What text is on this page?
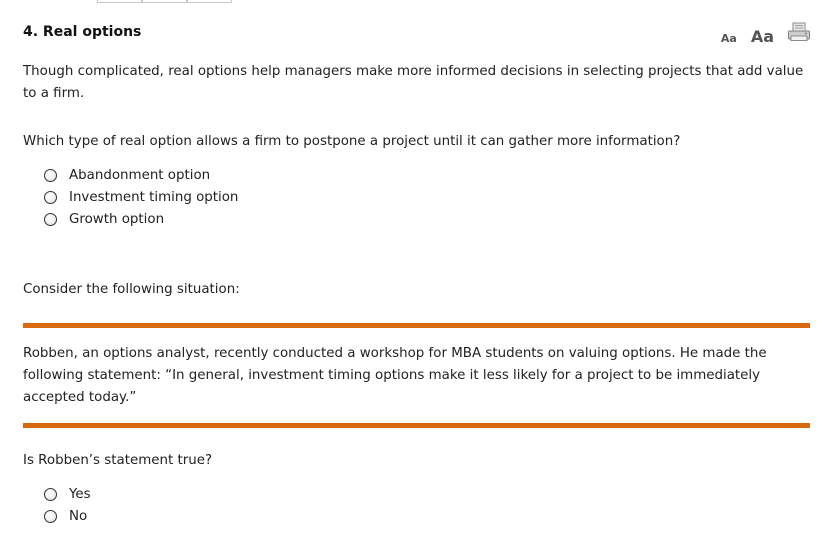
4. Real options	Aa Aa
Though complicated, real options help managers make more informed decisions in selecting projects that add value to a firm.
Which type of real option allows a firm to postpone a project until it can gather more information?
Abandonment option
Investment timing option
Growth option
Consider the following situation:
Robben, an options analyst, recently conducted a workshop for MBA students on valuing options. He made the following statement: “In general, investment timing options make it less likely for a project to be immediately accepted today.”
Is Robben’s statement true?
Yes
No
